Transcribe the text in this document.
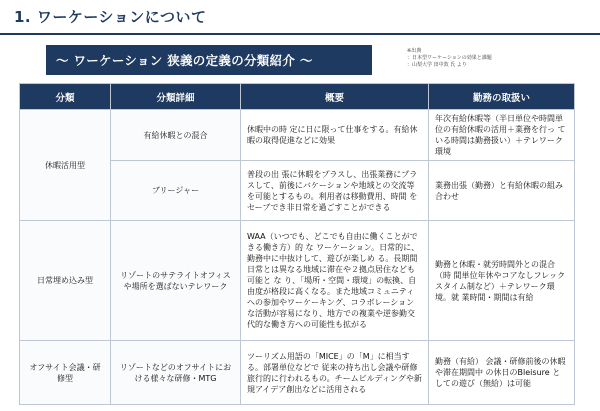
1. ワーケーションについて
～ ワーケーション 狭義の定義の分類紹介 ～
※出典
：日本型ワーケーションの効果と課題
：山梨大学 田中敦 氏 より
分類	分類詳細	概要	勤務の取扱い
休暇活用型	有給休暇との混合	休暇中の時 定に日に限って仕事をする。有給休暇の取得促進などに効果	年次有給休暇等（半日単位や時間単 位の有給休暇の活用＋業務を行っ ている時間は勤務扱い）＋テレワーク 環境
	ブリージャー	普段の出 張に休暇をプラスし、出張業務にプラスして、前後にバケーションや地域との交流等を可能とするもの。利用者は移動費用、時間 をセーブでき非日常を過ごすことができる	業務出張（勤務）と有給休暇の組み 合わせ
日常埋め込み型	リゾートのサテライトオフィスや場所を選ばないテレワーク	WAA（いつでも、どこでも自由に働くことができる働き方）的 な ワーケーション。日常的に、勤務中に中抜けして、遊びが楽しめ る。長期間日常とは異なる地域に滞在や２拠点居住なども可能と な り、「場所・空間・環境」の転換、自由度が格段に高くなる。また地域コミュニティへの参加やワーケーキング、コラボレーション な活動が容易になり、地方での複業や逆参勤交代的な働き方への可能性も拡がる	勤務と休暇・就労時間外との混合（時 間単位年休やコアなしフレックスタイム制など）＋テレワーク環境。就 業時間・期間は有給
オフサイト会議・研修型	リゾートなどのオフサイトにおける様々な研修・MTG	ツーリズム用語の「MICE」の「M」に相当する。部署単位などで 従来の持ち出し会議や研修旅行的に行われるもの。チームビルディングや新規アイデア創出などに活用される	勤務（有給） 会議・研修前後の休暇や滞在期間中 の休日のBleisure としての遊び（無給）は可能
